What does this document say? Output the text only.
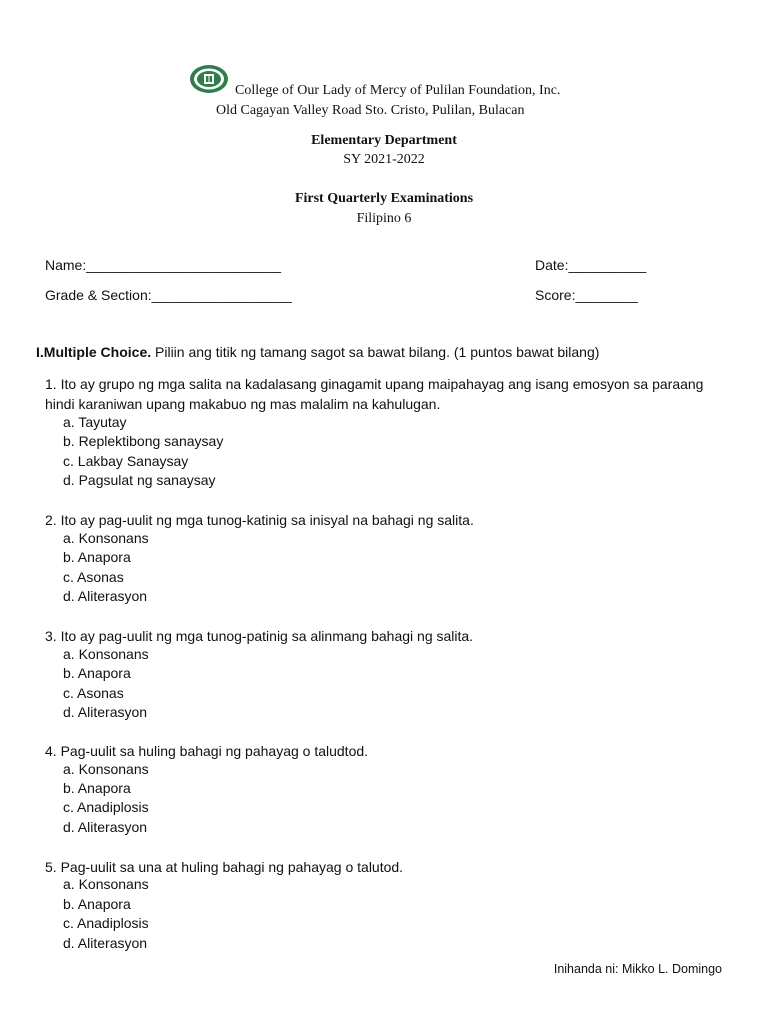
College of Our Lady of Mercy of Pulilan Foundation, Inc.
Old Cagayan Valley Road Sto. Cristo, Pulilan, Bulacan
Elementary Department
SY 2021-2022
First Quarterly Examinations
Filipino 6
Name:_________________________	Date:__________
Grade & Section:__________________	Score:________
I.Multiple Choice. Piliin ang titik ng tamang sagot sa bawat bilang. (1 puntos bawat bilang)
1. Ito ay grupo ng mga salita na kadalasang ginagamit upang maipahayag ang isang emosyon sa paraang hindi karaniwan upang makabuo ng mas malalim na kahulugan.
a. Tayutay
b. Replektibong sanaysay
c. Lakbay Sanaysay
d. Pagsulat ng sanaysay
2. Ito ay pag-uulit ng mga tunog-katinig sa inisyal na bahagi ng salita.
a. Konsonans
b. Anapora
c. Asonas
d. Aliterasyon
3. Ito ay pag-uulit ng mga tunog-patinig sa alinmang bahagi ng salita.
a. Konsonans
b. Anapora
c. Asonas
d. Aliterasyon
4. Pag-uulit sa huling bahagi ng pahayag o taludtod.
a. Konsonans
b. Anapora
c. Anadiplosis
d. Aliterasyon
5. Pag-uulit sa una at huling bahagi ng pahayag o talutod.
a. Konsonans
b. Anapora
c. Anadiplosis
d. Aliterasyon
Inihanda ni: Mikko L. Domingo
